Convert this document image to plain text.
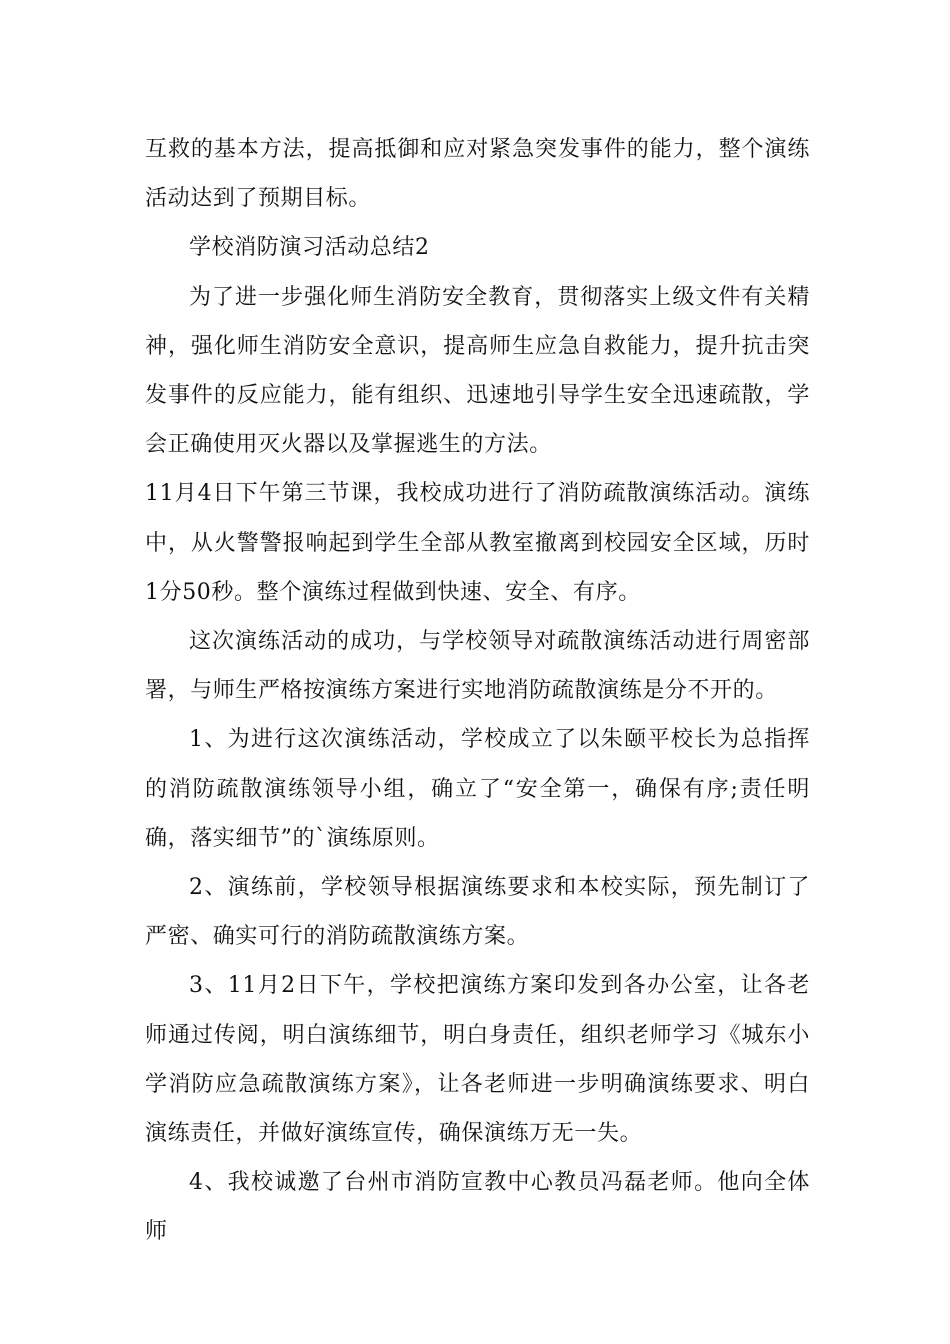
互救的基本方法，提高抵御和应对紧急突发事件的能力，整个演练活动达到了预期目标。

学校消防演习活动总结2

为了进一步强化师生消防安全教育，贯彻落实上级文件有关精神，强化师生消防安全意识，提高师生应急自救能力，提升抗击突发事件的反应能力，能有组织、迅速地引导学生安全迅速疏散，学会正确使用灭火器以及掌握逃生的方法。

11月4日下午第三节课，我校成功进行了消防疏散演练活动。演练中，从火警警报响起到学生全部从教室撤离到校园安全区域，历时1分50秒。整个演练过程做到快速、安全、有序。

这次演练活动的成功，与学校领导对疏散演练活动进行周密部署，与师生严格按演练方案进行实地消防疏散演练是分不开的。

1、为进行这次演练活动，学校成立了以朱颐平校长为总指挥的消防疏散演练领导小组，确立了“安全第一，确保有序;责任明确，落实细节”的`演练原则。

2、演练前，学校领导根据演练要求和本校实际，预先制订了严密、确实可行的消防疏散演练方案。

3、11月2日下午，学校把演练方案印发到各办公室，让各老师通过传阅，明白演练细节，明白身责任，组织老师学习《城东小学消防应急疏散演练方案》，让各老师进一步明确演练要求、明白演练责任，并做好演练宣传，确保演练万无一失。

4、我校诚邀了台州市消防宣教中心教员冯磊老师。他向全体师
